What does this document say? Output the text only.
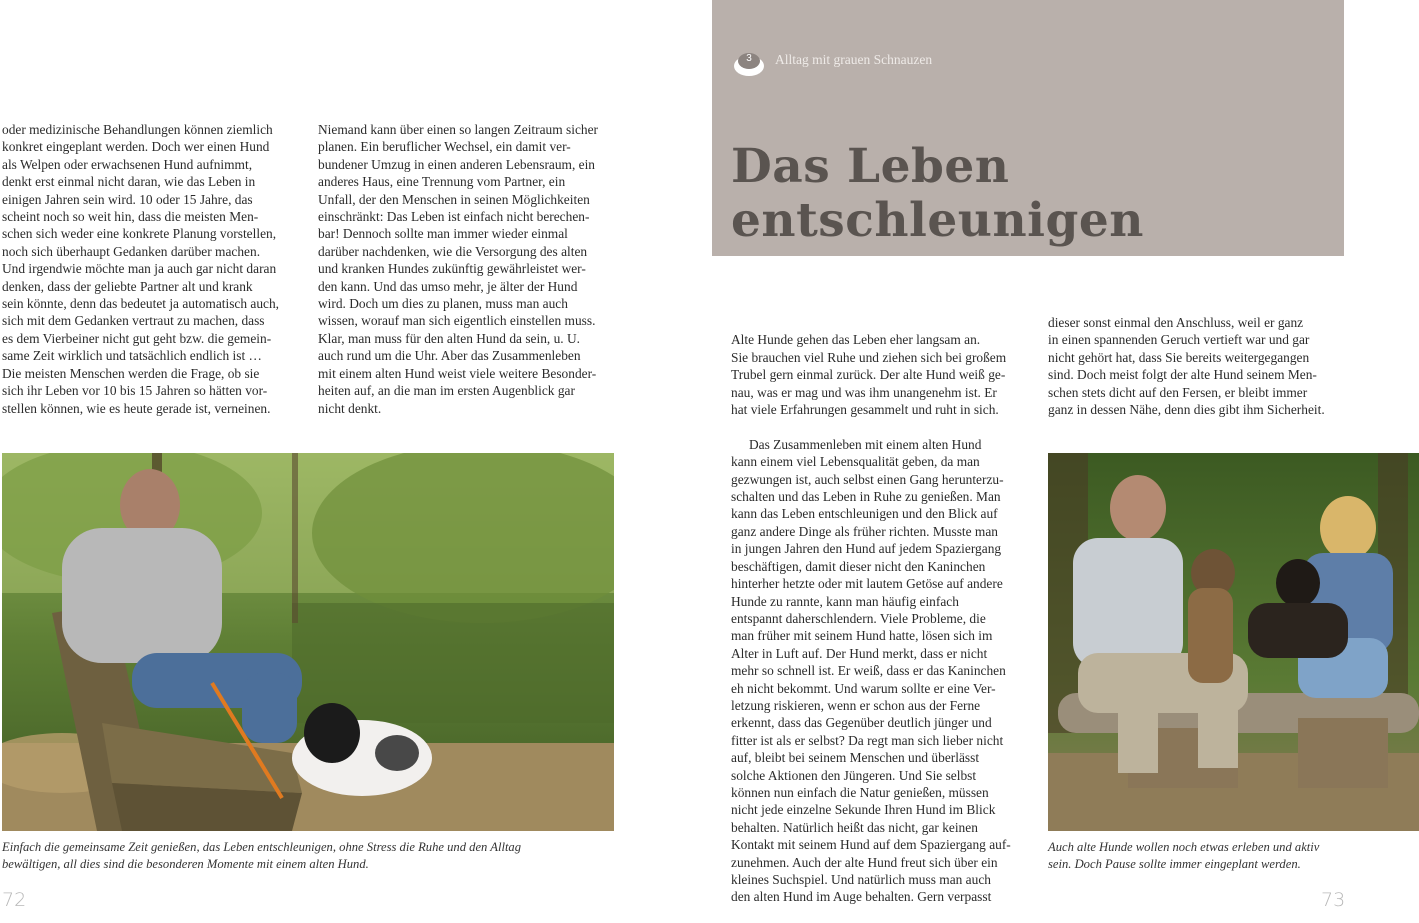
oder medizinische Behandlungen können ziemlich
konkret eingeplant werden. Doch wer einen Hund
als Welpen oder erwachsenen Hund aufnimmt,
denkt erst einmal nicht daran, wie das Leben in
einigen Jahren sein wird. 10 oder 15 Jahre, das
scheint noch so weit hin, dass die meisten Men-
schen sich weder eine konkrete Planung vorstellen,
noch sich überhaupt Gedanken darüber machen.
Und irgendwie möchte man ja auch gar nicht daran
denken, dass der geliebte Partner alt und krank
sein könnte, denn das bedeutet ja automatisch auch,
sich mit dem Gedanken vertraut zu machen, dass
es dem Vierbeiner nicht gut geht bzw. die gemein-
same Zeit wirklich und tatsächlich endlich ist …
Die meisten Menschen werden die Frage, ob sie
sich ihr Leben vor 10 bis 15 Jahren so hätten vor-
stellen können, wie es heute gerade ist, verneinen.
Niemand kann über einen so langen Zeitraum sicher
planen. Ein beruflicher Wechsel, ein damit ver-
bundener Umzug in einen anderen Lebensraum, ein
anderes Haus, eine Trennung vom Partner, ein
Unfall, der den Menschen in seinen Möglichkeiten
einschränkt: Das Leben ist einfach nicht berechen-
bar! Dennoch sollte man immer wieder einmal
darüber nachdenken, wie die Versorgung des alten
und kranken Hundes zukünftig gewährleistet wer-
den kann. Und das umso mehr, je älter der Hund
wird. Doch um dies zu planen, muss man auch
wissen, worauf man sich eigentlich einstellen muss.
Klar, man muss für den alten Hund da sein, u. U.
auch rund um die Uhr. Aber das Zusammenleben
mit einem alten Hund weist viele weitere Besonder-
heiten auf, an die man im ersten Augenblick gar
nicht denkt.

Einfach die gemeinsame Zeit genießen, das Leben entschleunigen, ohne Stress die Ruhe und den Alltag
bewältigen, all dies sind die besonderen Momente mit einem alten Hund.

72
3	Alltag mit grauen Schnauzen
Das Leben
entschleunigen

Alte Hunde gehen das Leben eher langsam an.
Sie brauchen viel Ruhe und ziehen sich bei großem
Trubel gern einmal zurück. Der alte Hund weiß ge-
nau, was er mag und was ihm unangenehm ist. Er
hat viele Erfahrungen gesammelt und ruht in sich.

Das Zusammenleben mit einem alten Hund
kann einem viel Lebensqualität geben, da man
gezwungen ist, auch selbst einen Gang herunterzu-
schalten und das Leben in Ruhe zu genießen. Man
kann das Leben entschleunigen und den Blick auf
ganz andere Dinge als früher richten. Musste man
in jungen Jahren den Hund auf jedem Spaziergang
beschäftigen, damit dieser nicht den Kaninchen
hinterher hetzte oder mit lautem Getöse auf andere
Hunde zu rannte, kann man häufig einfach
entspannt daherschlendern. Viele Probleme, die
man früher mit seinem Hund hatte, lösen sich im
Alter in Luft auf. Der Hund merkt, dass er nicht
mehr so schnell ist. Er weiß, dass er das Kaninchen
eh nicht bekommt. Und warum sollte er eine Ver-
letzung riskieren, wenn er schon aus der Ferne
erkennt, dass das Gegenüber deutlich jünger und
fitter ist als er selbst? Da regt man sich lieber nicht
auf, bleibt bei seinem Menschen und überlässt
solche Aktionen den Jüngeren. Und Sie selbst
können nun einfach die Natur genießen, müssen
nicht jede einzelne Sekunde Ihren Hund im Blick
behalten. Natürlich heißt das nicht, gar keinen
Kontakt mit seinem Hund auf dem Spaziergang auf-
zunehmen. Auch der alte Hund freut sich über ein
kleines Suchspiel. Und natürlich muss man auch
den alten Hund im Auge behalten. Gern verpasst

dieser sonst einmal den Anschluss, weil er ganz
in einen spannenden Geruch vertieft war und gar
nicht gehört hat, dass Sie bereits weitergegangen
sind. Doch meist folgt der alte Hund seinem Men-
schen stets dicht auf den Fersen, er bleibt immer
ganz in dessen Nähe, denn dies gibt ihm Sicherheit.

Auch alte Hunde wollen noch etwas erleben und aktiv
sein. Doch Pause sollte immer eingeplant werden.

73
